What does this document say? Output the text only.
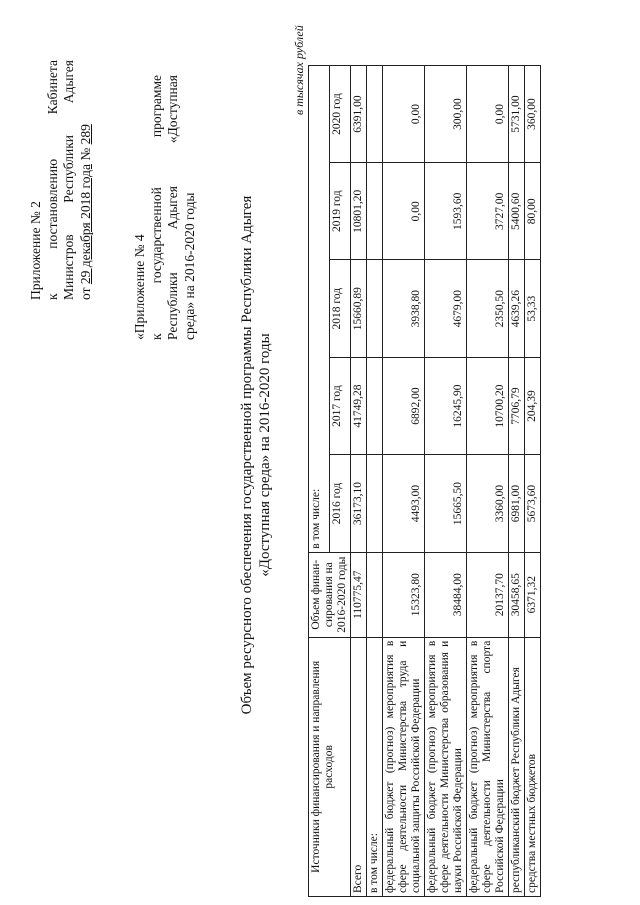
Приложение № 2 к
постановлению
Кабинета
Министров
Республики
Адыгея
от 29 декабря 2018 года № 289
«Приложение № 4 к
государственной
программе
Республики
Адыгея
«Доступная
среда» на 2016-2020 годы	Объем ресурсного обеспечения государственной программы Республики Адыгея «Доступная среда» на 2016-2020 годы
в тысячах рублей
Источники финансирования и направления расходов	Объем финан-сирования на 2016-2020 годы	в том числе:				
		2016 год	2017 год	2018 год	2019 год	2020 год
Всего	110775,47	36173,10	41749,28	15660,89	10801,20	6391,00
в том числе:						
федеральный бюджет (прогноз) мероприятия в сфере деятельности Министерства труда и социальной защиты Российской Федерации	15323,80	4493,00	6892,00	3938,80	0,00	0,00
федеральный бюджет (прогноз) мероприятия в сфере деятельности Министерства образования и науки Российской Федерации	38484,00	15665,50	16245,90	4679,00	1593,60	300,00
федеральный бюджет (прогноз) мероприятия в сфере деятельности Министерства спорта Российской Федерации	20137,70	3360,00	10700,20	2350,50	3727,00	0,00
республиканский бюджет Республики Адыгея	30458,65	6981,00	7706,79	4639,26	5400,60	5731,00
средства местных бюджетов	6371,32	5673,60	204,39	53,33	80,00	360,00
